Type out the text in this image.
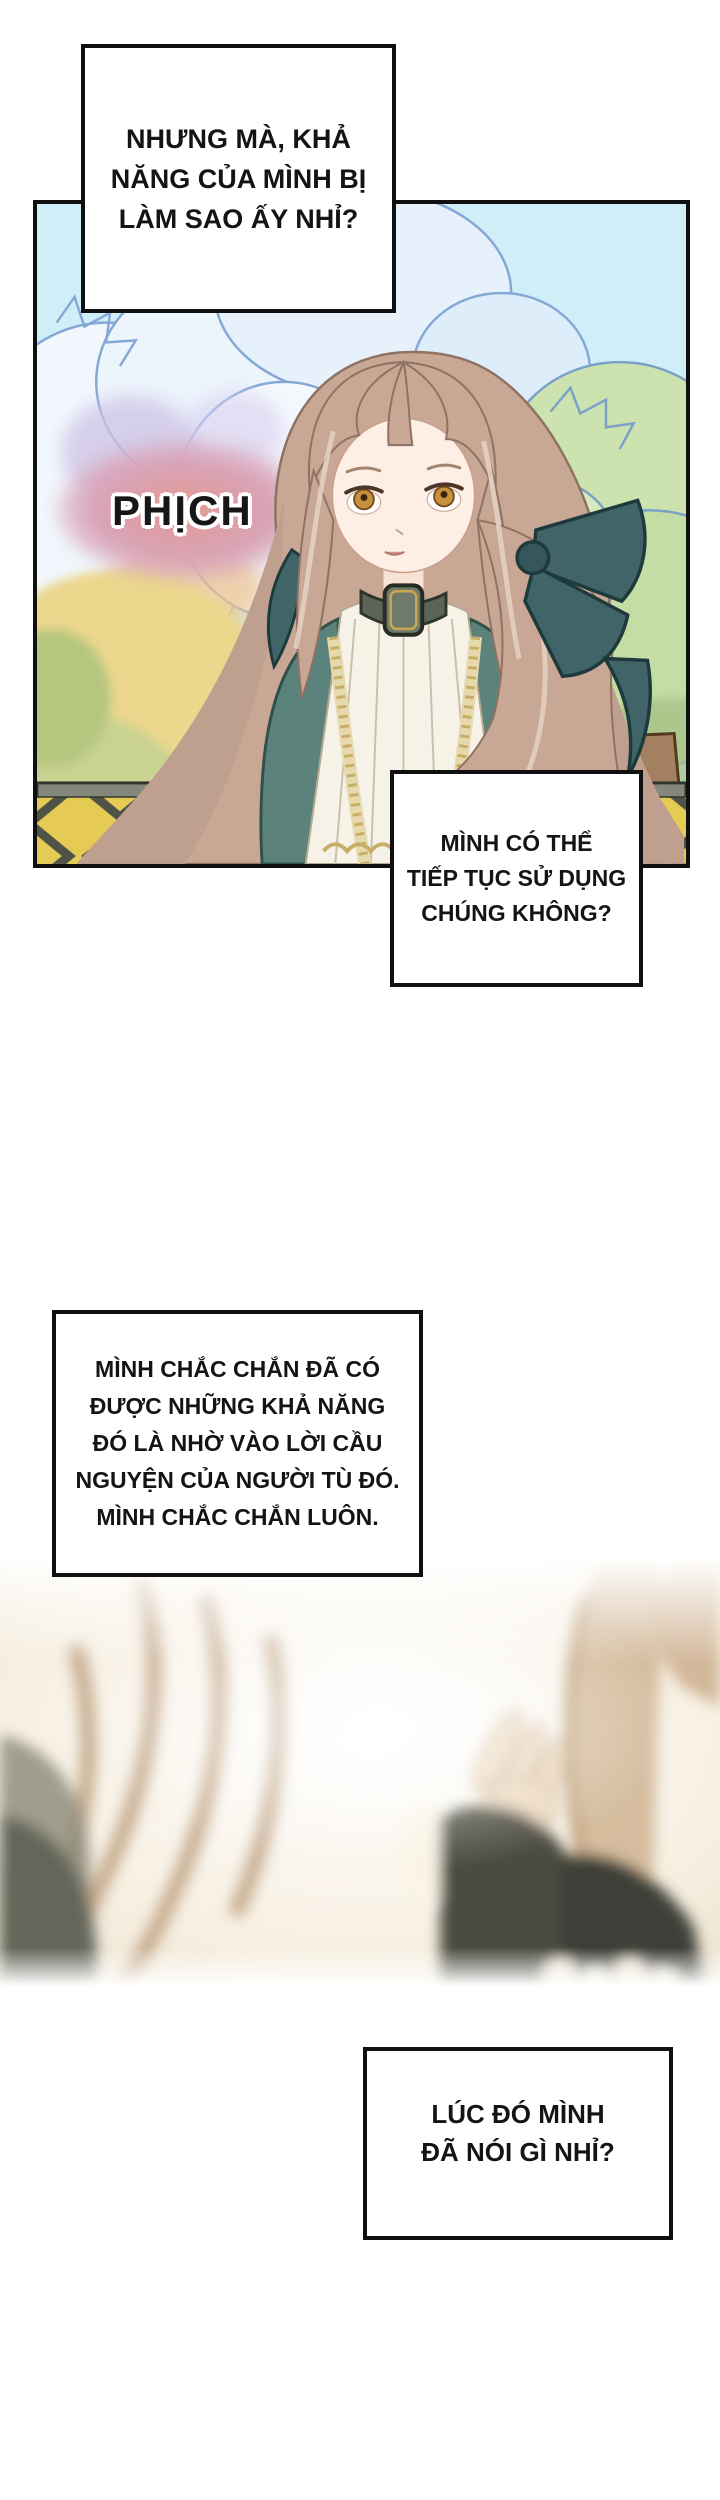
PHỊCH
NHƯNG MÀ, KHẢ
NĂNG CỦA MÌNH BỊ
LÀM SAO ẤY NHỈ?
MÌNH CÓ THỂ
TIẾP TỤC SỬ DỤNG
CHÚNG KHÔNG?
MÌNH CHẮC CHẮN ĐÃ CÓ
ĐƯỢC NHỮNG KHẢ NĂNG
ĐÓ LÀ NHỜ VÀO LỜI CẦU
NGUYỆN CỦA NGƯỜI TÙ ĐÓ.
MÌNH CHẮC CHẮN LUÔN.
LÚC ĐÓ MÌNH
ĐÃ NÓI GÌ NHỈ?
